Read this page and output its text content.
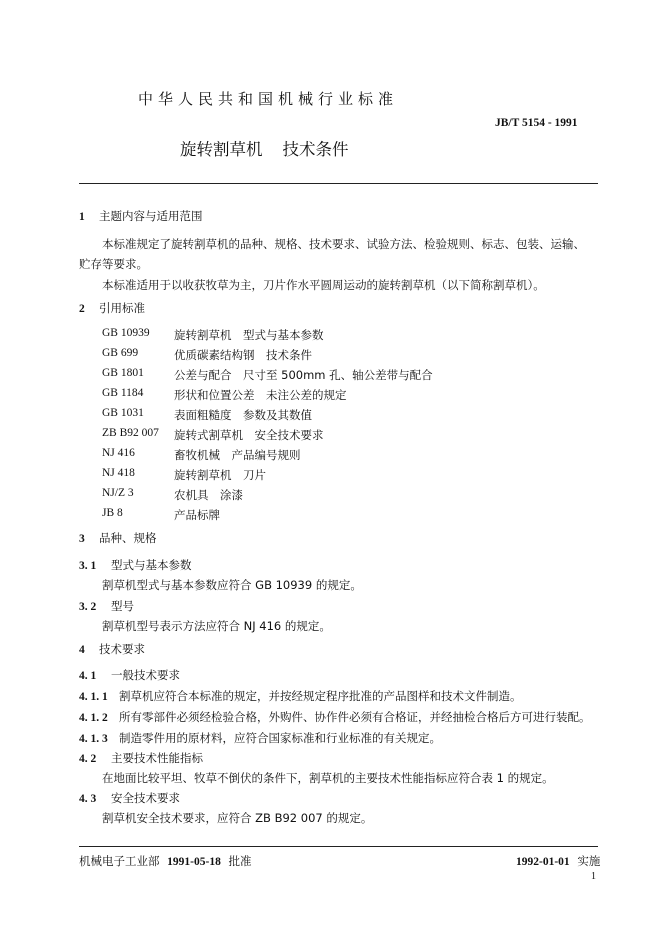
中华人民共和国机械行业标准
JB/T 5154 - 1991
旋转割草机 技术条件
1 主题内容与适用范围
本标准规定了旋转割草机的品种、规格、技术要求、试验方法、检验规则、标志、包装、运输、
贮存等要求。
本标准适用于以收获牧草为主，刀片作水平圆周运动的旋转割草机（以下简称割草机）。
2 引用标准
GB 10939 旋转割草机　型式与基本参数
GB 699	优质碳素结构钢　技术条件
GB 1801	公差与配合　尺寸至 500mm 孔、轴公差带与配合
GB 1184	形状和位置公差　未注公差的规定
GB 1031	表面粗糙度　参数及其数值
ZB B92 007 旋转式割草机　安全技术要求
NJ 416	畜牧机械　产品编号规则
NJ 418	旋转割草机　刀片
NJ/Z 3	农机具　涂漆
JB 8	产品标牌
3 品种、规格
3. 1 型式与基本参数
割草机型式与基本参数应符合 GB 10939 的规定。
3. 2 型号
割草机型号表示方法应符合 NJ 416 的规定。
4 技术要求
4. 1 一般技术要求
4. 1. 1 割草机应符合本标准的规定，并按经规定程序批准的产品图样和技术文件制造。
4. 1. 2 所有零部件必须经检验合格，外购件、协作件必须有合格证，并经抽检合格后方可进行装配。
4. 1. 3 制造零件用的原材料，应符合国家标准和行业标准的有关规定。
4. 2 主要技术性能指标
在地面比较平坦、牧草不倒伏的条件下，割草机的主要技术性能指标应符合表 1 的规定。
4. 3 安全技术要求
割草机安全技术要求，应符合 ZB B92 007 的规定。
机械电子工业部 1991-05-18 批准	1992-01-01 实施
1
